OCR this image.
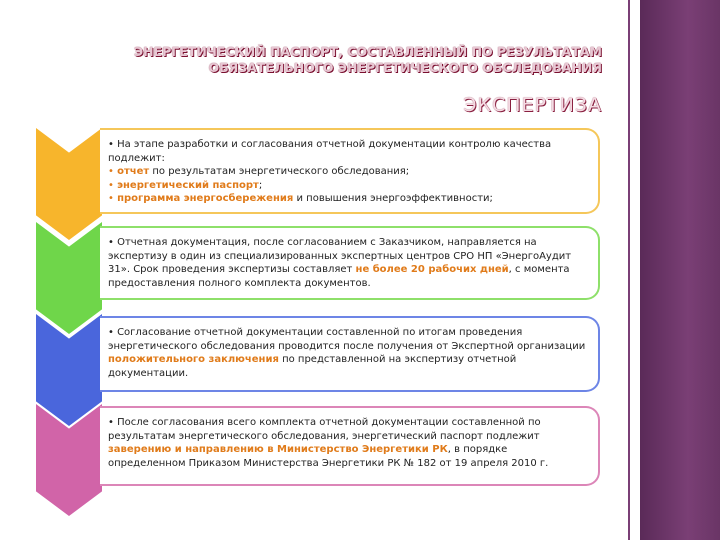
ЭНЕРГЕТИЧЕСКИЙ ПАСПОРТ, СОСТАВЛЕННЫЙ ПО РЕЗУЛЬТАТАМ
ОБЯЗАТЕЛЬНОГО ЭНЕРГЕТИЧЕСКОГО ОБСЛЕДОВАНИЯ
ЭКСПЕРТИЗА

• На этапе разработки и согласования отчетной документации контролю качества подлежит:

• отчет по результатам энергетического обследования;

• энергетический паспорт;

• программа энергосбережения и повышения энергоэффективности;

• Отчетная документация, после согласованием с Заказчиком, направляется на экспертизу в один из специализированных экспертных центров СРО НП «ЭнергоАудит 31». Срок проведения экспертизы составляет не более 20 рабочих дней, с момента предоставления полного комплекта документов.

• Согласование отчетной документации составленной по итогам проведения энергетического обследования проводится после получения от Экспертной организации положительного заключения по представленной на экспертизу отчетной документации.

• После согласования всего комплекта отчетной документации составленной по результатам энергетического обследования, энергетический паспорт подлежит заверению и направлению в Министерство Энергетики РК, в порядке определенном Приказом Министерства Энергетики РК № 182 от 19 апреля 2010 г.
